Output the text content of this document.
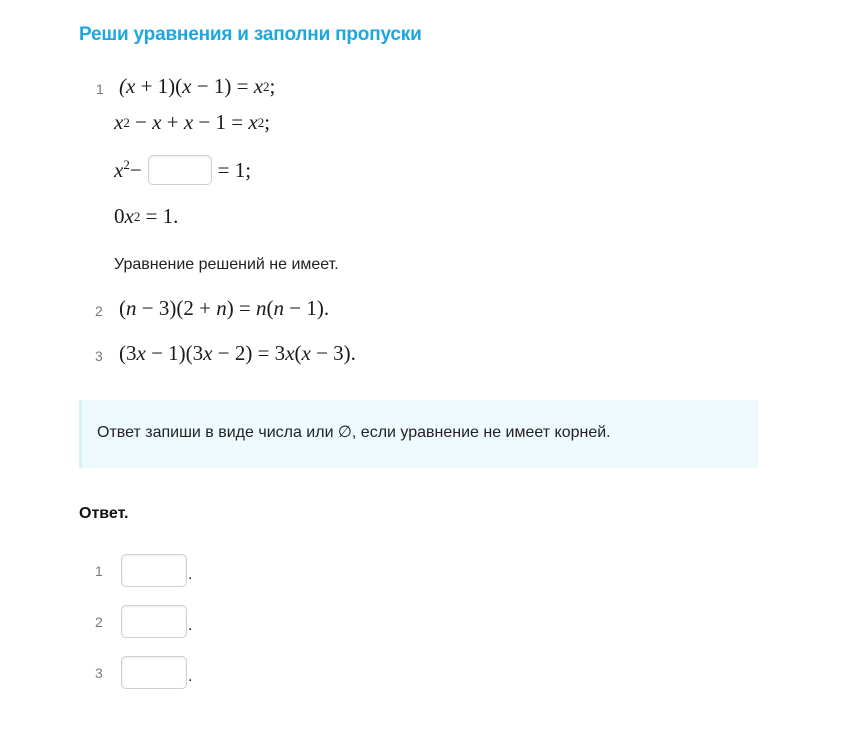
Реши уравнения и заполни пропуски
1 (x + 1)( x − 1) = x 2 ;
x 2 − x + x − 1 = x 2 ;
$x^2-$	= 1;
0 x 2 = 1.
Уравнение решений не имеет.
2 ( n − 3)(2 + n ) = n ( n − 1).
3 (3 x − 1)(3 x − 2) = 3 x ( x − 3).
Ответ запиши в виде числа или ∅, если уравнение не имеет корней.
Ответ.
1	.
2	.
3	.
